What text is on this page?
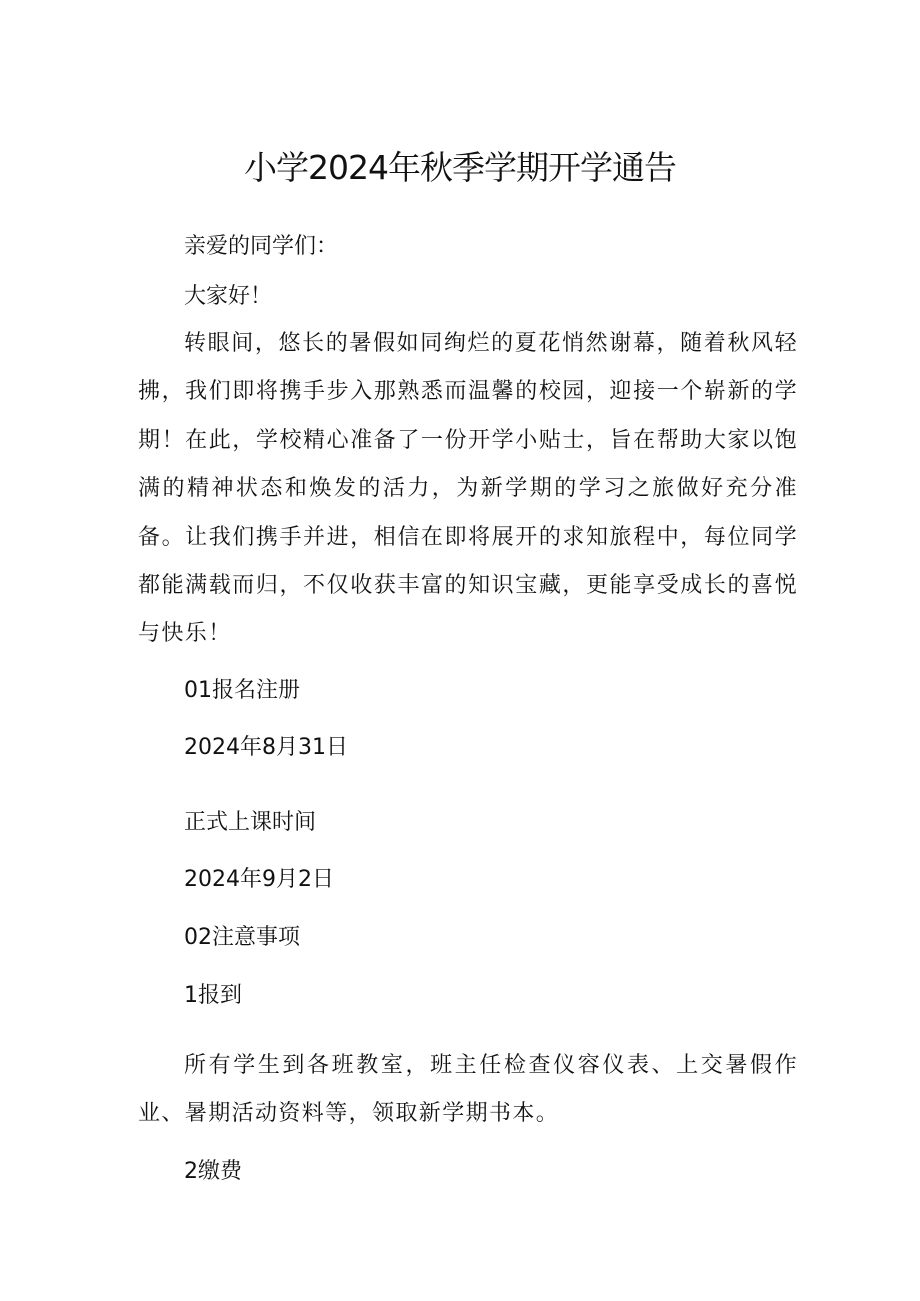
小学2024年秋季学期开学通告

亲爱的同学们：

大家好！

转眼间，悠长的暑假如同绚烂的夏花悄然谢幕，随着秋风轻拂，我们即将携手步入那熟悉而温馨的校园，迎接一个崭新的学期！在此，学校精心准备了一份开学小贴士，旨在帮助大家以饱满的精神状态和焕发的活力，为新学期的学习之旅做好充分准备。让我们携手并进，相信在即将展开的求知旅程中，每位同学都能满载而归，不仅收获丰富的知识宝藏，更能享受成长的喜悦与快乐！

01报名注册

2024年8月31日

正式上课时间

2024年9月2日

02注意事项

1报到

所有学生到各班教室，班主任检查仪容仪表、上交暑假作业、暑期活动资料等，领取新学期书本。

2缴费
